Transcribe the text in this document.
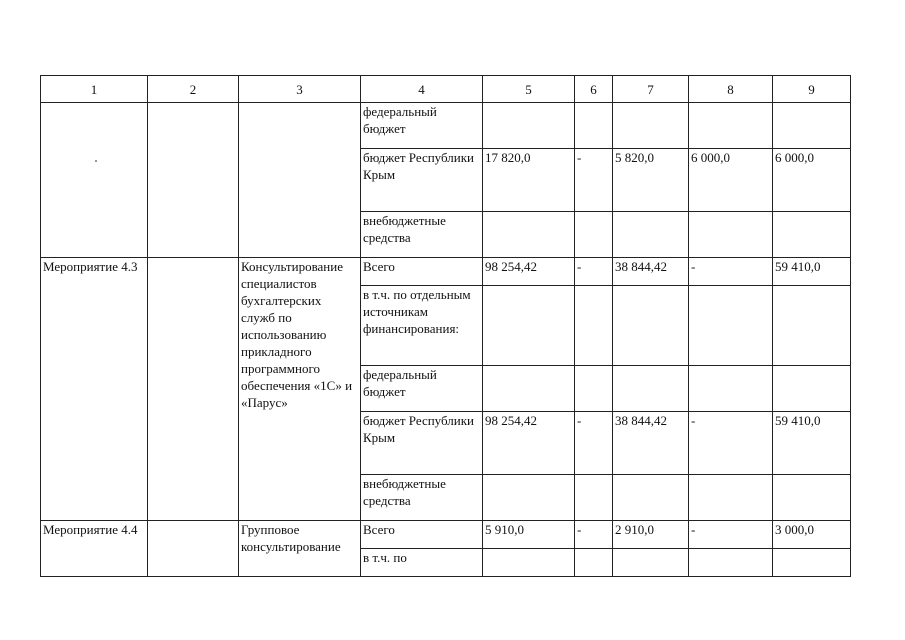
1	2	3	4	5	6	7	8	9
			федеральный бюджет					
			бюджет Республики Крым	17 820,0	-	5 820,0	6 000,0	6 000,0
			внебюджетные средства					
Мероприятие 4.3		Консультирование специалистов бухгалтерских служб по использованию прикладного программного обеспечения «1С» и «Парус»	Всего	98 254,42	-	38 844,42	-	59 410,0
			в т.ч. по отдельным источникам финансирования:					
			федеральный бюджет					
			бюджет Республики Крым	98 254,42	-	38 844,42	-	59 410,0
			внебюджетные средства					
Мероприятие 4.4		Групповое консультирование	Всего	5 910,0	-	2 910,0	-	3 000,0
			в т.ч. по					
